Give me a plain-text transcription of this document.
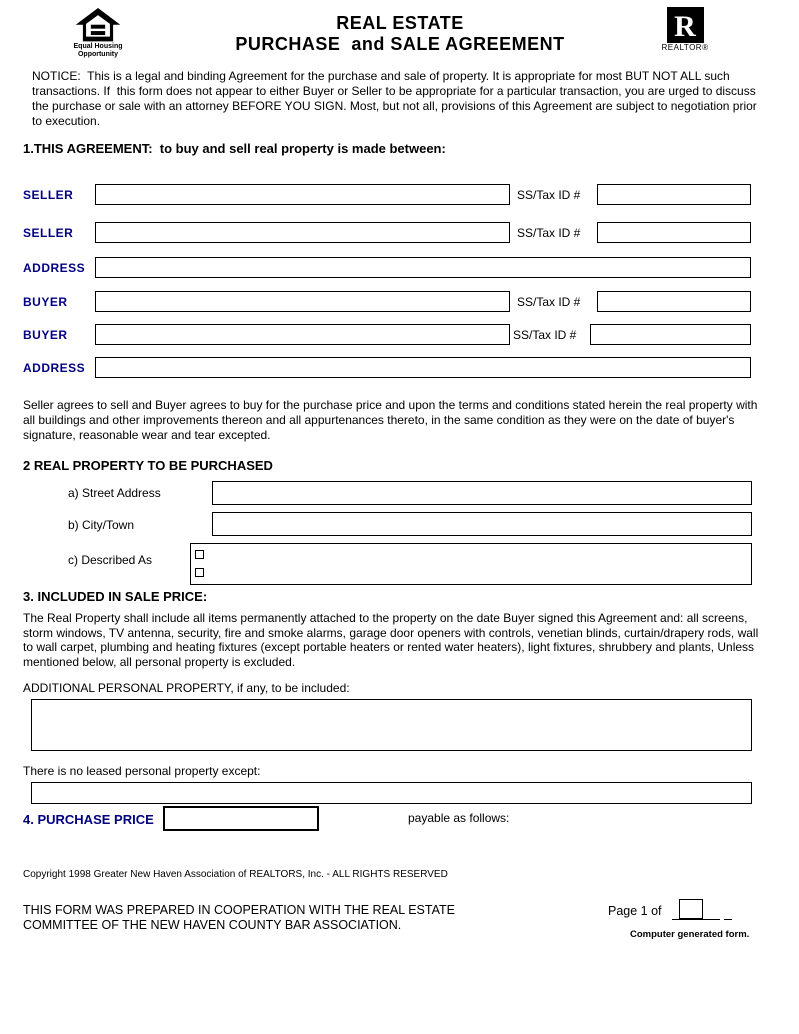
Equal Housing
Opportunity
REAL ESTATE
PURCHASE  and SALE AGREEMENT
R
REALTOR®
NOTICE:  This is a legal and binding Agreement for the purchase and sale of property. It is appropriate for most BUT NOT ALL such transactions. If  this form does not appear to either Buyer or Seller to be appropriate for a particular transaction, you are urged to discuss the purchase or sale with an attorney BEFORE YOU SIGN. Most, but not all, provisions of this Agreement are subject to negotiation prior to execution.
1.THIS AGREEMENT:  to buy and sell real property is made between:
SELLER	SS/Tax ID #
SELLER	SS/Tax ID #
ADDRESS
BUYER	SS/Tax ID #
BUYER	SS/Tax ID #
ADDRESS
Seller agrees to sell and Buyer agrees to buy for the purchase price and upon the terms and conditions stated herein the real property with all buildings and other improvements thereon and all appurtenances thereto, in the same condition as they were on the date of buyer's signature, reasonable wear and tear excepted.
2 REAL PROPERTY TO BE PURCHASED
a) Street Address
b) City/Town
c) Described As
3. INCLUDED IN SALE PRICE:
The Real Property shall include all items permanently attached to the property on the date Buyer signed this Agreement and: all screens, storm windows, TV antenna, security, fire and smoke alarms, garage door openers with controls, venetian blinds, curtain/drapery rods, wall to wall carpet, plumbing and heating fixtures (except portable heaters or rented water heaters), light fixtures, shrubbery and plants, Unless mentioned below, all personal property is excluded.
ADDITIONAL PERSONAL PROPERTY, if any, to be included:
There is no leased personal property except:
4. PURCHASE PRICE	payable as follows:
Copyright 1998 Greater New Haven Association of REALTORS, Inc. - ALL RIGHTS RESERVED
THIS FORM WAS PREPARED IN COOPERATION WITH THE REAL ESTATE COMMITTEE OF THE NEW HAVEN COUNTY BAR ASSOCIATION.
Page 1 of
Computer generated form.
